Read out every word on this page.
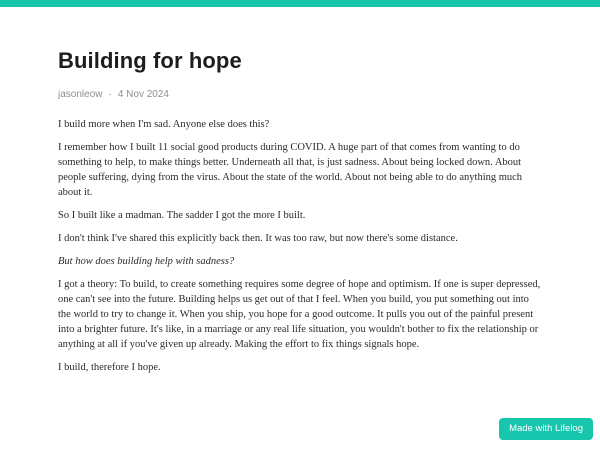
Building for hope
jasonleow · 4 Nov 2024

I build more when I'm sad. Anyone else does this?

I remember how I built 11 social good products during COVID. A huge part of that comes from wanting to do something to help, to make things better. Underneath all that, is just sadness. About being locked down. About people suffering, dying from the virus. About the state of the world. About not being able to do anything much about it.

So I built like a madman. The sadder I got the more I built.

I don't think I've shared this explicitly back then. It was too raw, but now there's some distance.

But how does building help with sadness?

I got a theory: To build, to create something requires some degree of hope and optimism. If one is super depressed, one can't see into the future. Building helps us get out of that I feel. When you build, you put something out into the world to try to change it. When you ship, you hope for a good outcome. It pulls you out of the painful present into a brighter future. It's like, in a marriage or any real life situation, you wouldn't bother to fix the relationship or anything at all if you've given up already. Making the effort to fix things signals hope.

I build, therefore I hope.

Made with Lifelog
